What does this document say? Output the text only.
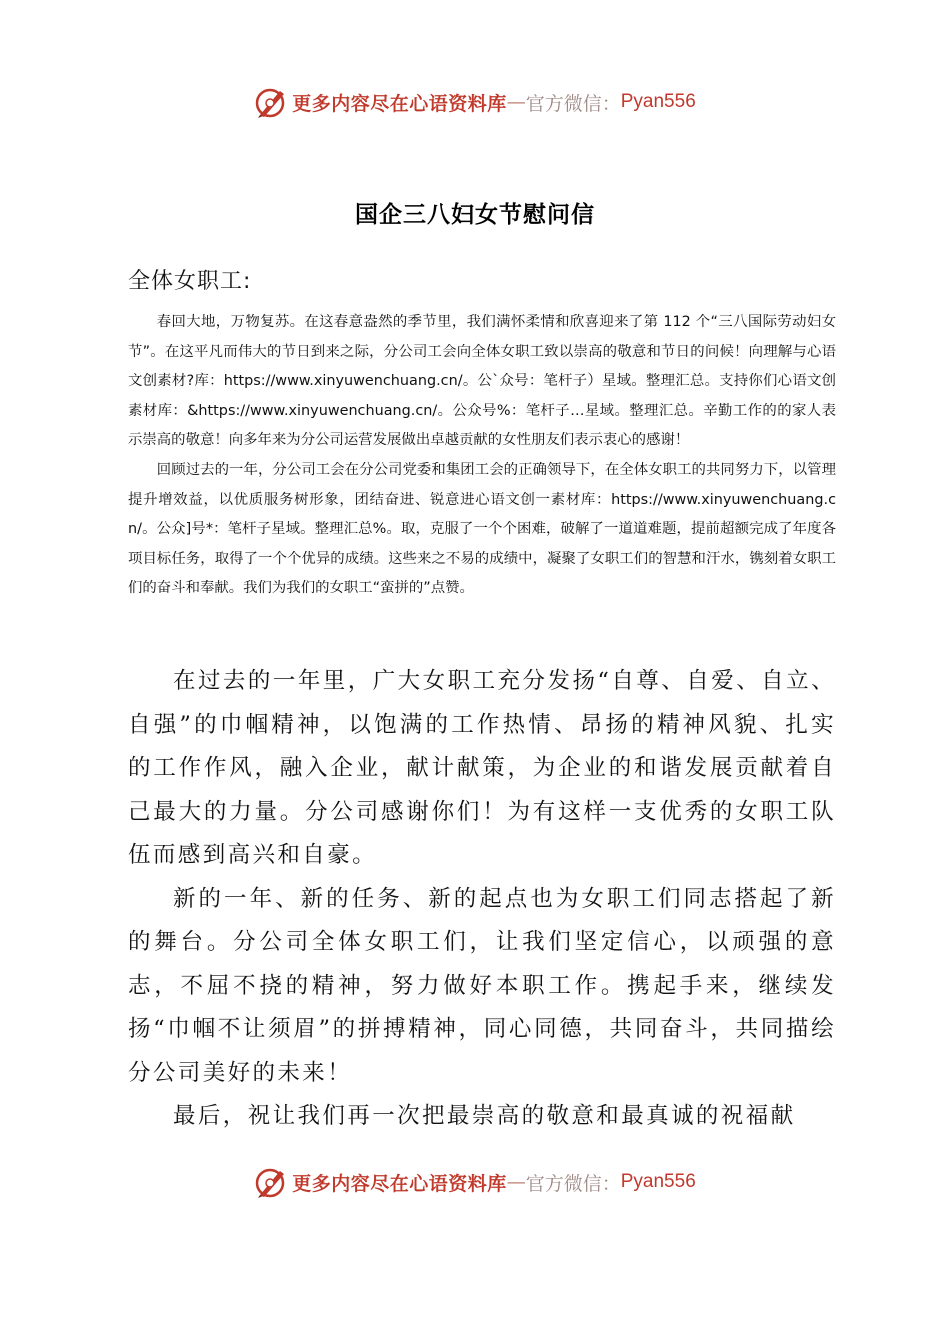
更多内容尽在心语资料库 — 官方微信： Pyan556
国企三八妇女节慰问信
全体女职工:

春回大地，万物复苏。在这春意盎然的季节里，我们满怀柔情和欣喜迎来了第 112 个“三八国际劳动妇女节”。在这平凡而伟大的节日到来之际，分公司工会向全体女职工致以崇高的敬意和节日的问候！向理解与心语文创素材?库：https://www.xinyuwenchuang.cn/。公`众号：笔杆子）星域。整理汇总。支持你们心语文创素材库：&https://www.xinyuwenchuang.cn/。公众号%：笔杆子…星域。整理汇总。辛勤工作的的家人表示崇高的敬意！向多年来为分公司运营发展做出卓越贡献的女性朋友们表示衷心的感谢！

回顾过去的一年，分公司工会在分公司党委和集团工会的正确领导下，在全体女职工的共同努力下，以管理提升增效益，以优质服务树形象，团结奋进、锐意进心语文创一素材库：https://www.xinyuwenchuang.cn/。公众]号*：笔杆子星域。整理汇总%。取，克服了一个个困难，破解了一道道难题，提前超额完成了年度各项目标任务，取得了一个个优异的成绩。这些来之不易的成绩中，凝聚了女职工们的智慧和汗水，镌刻着女职工们的奋斗和奉献。我们为我们的女职工“蛮拼的”点赞。

在过去的一年里，广大女职工充分发扬“自尊、自爱、自立、自强”的巾帼精神，以饱满的工作热情、昂扬的精神风貌、扎实的工作作风，融入企业，献计献策，为企业的和谐发展贡献着自己最大的力量。分公司感谢你们！为有这样一支优秀的女职工队伍而感到高兴和自豪。

新的一年、新的任务、新的起点也为女职工们同志搭起了新的舞台。分公司全体女职工们，让我们坚定信心，以顽强的意志，不屈不挠的精神，努力做好本职工作。携起手来，继续发扬“巾帼不让须眉”的拼搏精神，同心同德，共同奋斗，共同描绘分公司美好的未来！

最后，祝让我们再一次把最崇高的敬意和最真诚的祝福献

更多内容尽在心语资料库 — 官方微信： Pyan556
